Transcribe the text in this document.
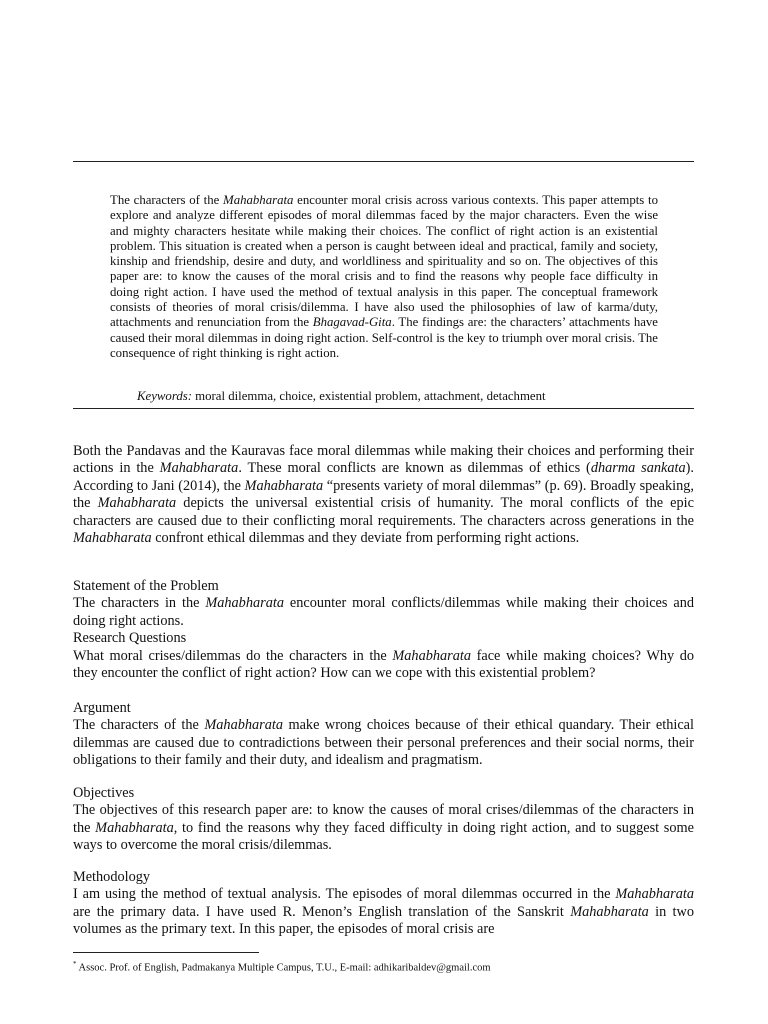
The characters of the Mahabharata encounter moral crisis across various contexts. This paper attempts to explore and analyze different episodes of moral dilemmas faced by the major characters. Even the wise and mighty characters hesitate while making their choices. The conflict of right action is an existential problem. This situation is created when a person is caught between ideal and practical, family and society, kinship and friendship, desire and duty, and worldliness and spirituality and so on. The objectives of this paper are: to know the causes of the moral crisis and to find the reasons why people face difficulty in doing right action. I have used the method of textual analysis in this paper. The conceptual framework consists of theories of moral crisis/dilemma. I have also used the philosophies of law of karma/duty, attachments and renunciation from the Bhagavad-Gita. The findings are: the characters’ attachments have caused their moral dilemmas in doing right action. Self-control is the key to triumph over moral crisis. The consequence of right thinking is right action.
Keywords: moral dilemma, choice, existential problem, attachment, detachment

Both the Pandavas and the Kauravas face moral dilemmas while making their choices and performing their actions in the Mahabharata. These moral conflicts are known as dilemmas of ethics (dharma sankata). According to Jani (2014), the Mahabharata “presents variety of moral dilemmas” (p. 69). Broadly speaking, the Mahabharata depicts the universal existential crisis of humanity. The moral conflicts of the epic characters are caused due to their conflicting moral requirements. The characters across generations in the Mahabharata confront ethical dilemmas and they deviate from performing right actions.

Statement of the Problem

The characters in the Mahabharata encounter moral conflicts/dilemmas while making their choices and doing right actions.

Research Questions

What moral crises/dilemmas do the characters in the Mahabharata face while making choices? Why do they encounter the conflict of right action? How can we cope with this existential problem?

Argument

The characters of the Mahabharata make wrong choices because of their ethical quandary. Their ethical dilemmas are caused due to contradictions between their personal preferences and their social norms, their obligations to their family and their duty, and idealism and pragmatism.

Objectives

The objectives of this research paper are: to know the causes of moral crises/dilemmas of the characters in the Mahabharata, to find the reasons why they faced difficulty in doing right action, and to suggest some ways to overcome the moral crisis/dilemmas.

Methodology

I am using the method of textual analysis. The episodes of moral dilemmas occurred in the Mahabharata are the primary data. I have used R. Menon’s English translation of the Sanskrit Mahabharata in two volumes as the primary text. In this paper, the episodes of moral crisis are

* Assoc. Prof. of English, Padmakanya Multiple Campus, T.U., E-mail: adhikaribaldev@gmail.com
